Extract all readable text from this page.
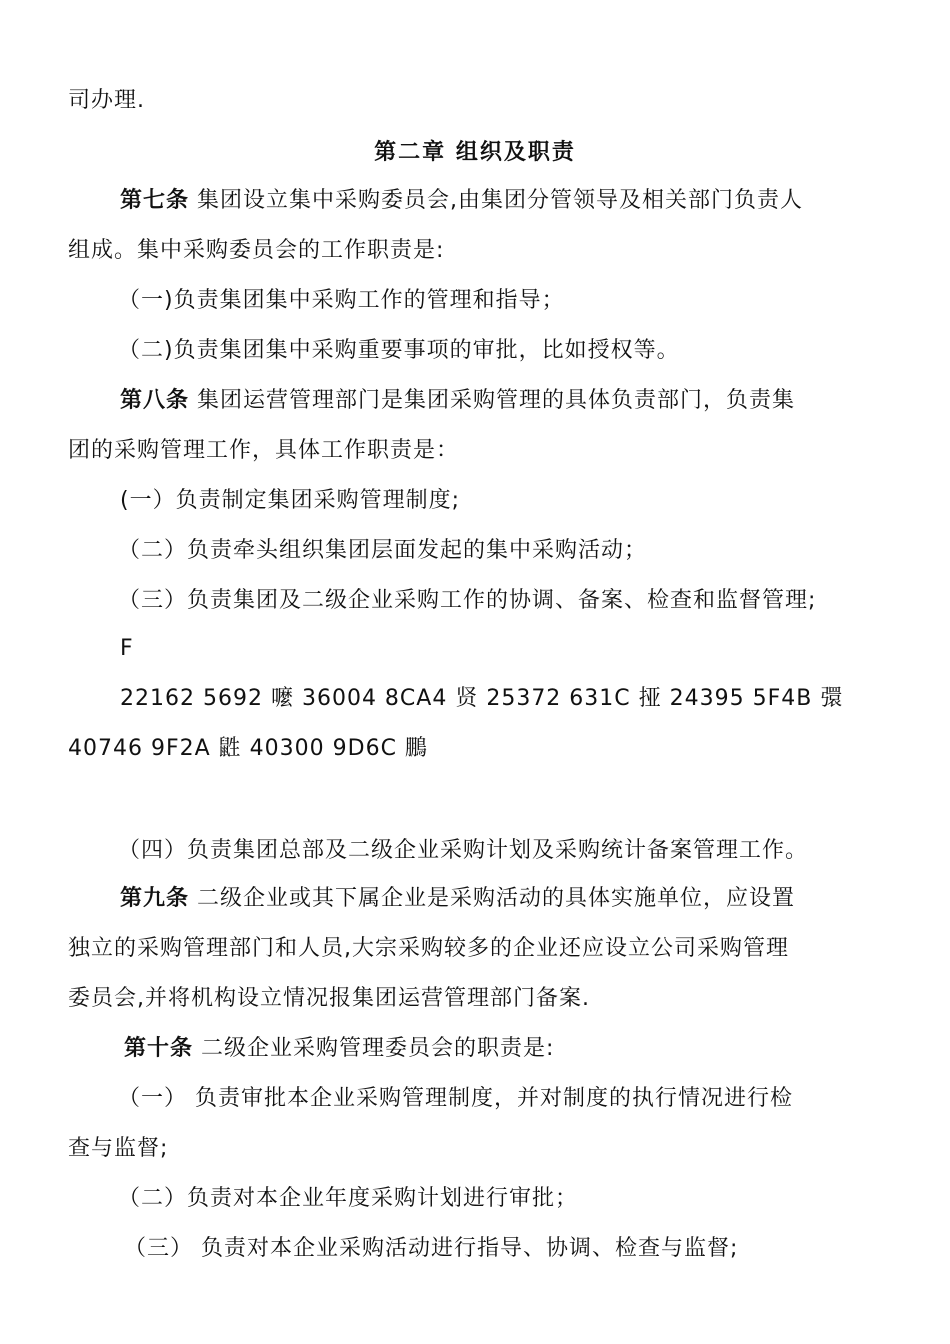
司办理.
第二章 组织及职责
第七条 集团设立集中采购委员会,由集团分管领导及相关部门负责人
组成。集中采购委员会的工作职责是:
（一)负责集团集中采购工作的管理和指导；
（二)负责集团集中采购重要事项的审批，比如授权等。
第八条 集团运营管理部门是集团采购管理的具体负责部门，负责集
团的采购管理工作，具体工作职责是：
(一）负责制定集团采购管理制度;
（二）负责牵头组织集团层面发起的集中采购活动；
（三）负责集团及二级企业采购工作的协调、备案、检查和监督管理;
F
22162 5692 嚒 36004 8CA4 贤 25372 631C 挜 24395 5F4B 彋
40746 9F2A 鼪 40300 9D6C 鵬
（四）负责集团总部及二级企业采购计划及采购统计备案管理工作。
第九条 二级企业或其下属企业是采购活动的具体实施单位，应设置
独立的采购管理部门和人员,大宗采购较多的企业还应设立公司采购管理
委员会,并将机构设立情况报集团运营管理部门备案.
第十条 二级企业采购管理委员会的职责是:
（一） 负责审批本企业采购管理制度，并对制度的执行情况进行检
查与监督;
（二）负责对本企业年度采购计划进行审批；
（三） 负责对本企业采购活动进行指导、协调、检查与监督;
